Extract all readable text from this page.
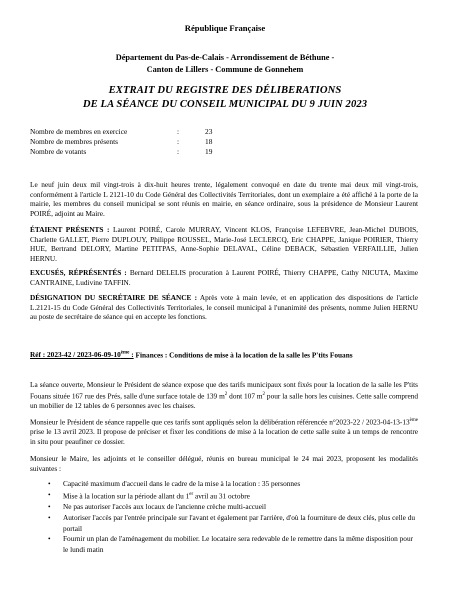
République Française
Département du Pas-de-Calais - Arrondissement de Béthune -
Canton de Lillers - Commune de Gonnehem
EXTRAIT DU REGISTRE DES DÉLIBERATIONS
DE LA SÉANCE DU CONSEIL MUNICIPAL DU 9 JUIN 2023
Nombre de membres en exercice	:	23
Nombre de membres présents	:	18
Nombre de votants	:	19
Le neuf juin deux mil vingt-trois à dix-huit heures trente, légalement convoqué en date du trente mai deux mil vingt-trois, conformément à l'article L 2121-10 du Code Général des Collectivités Territoriales, dont un exemplaire a été affiché à la porte de la mairie, les membres du conseil municipal se sont réunis en mairie, en séance ordinaire, sous la présidence de Monsieur Laurent POIRÉ, adjoint au Maire.
ÉTAIENT PRÉSENTS : Laurent POIRÉ, Carole MURRAY, Vincent KLOS, Françoise LEFEBVRE, Jean-Michel DUBOIS, Charlette GALLET, Pierre DUPLOUY, Philippe ROUSSEL, Marie-José LECLERCQ, Eric CHAPPE, Janique POIRIER, Thierry HUE, Bertrand DELORY, Martine PETITPAS, Anne-Sophie DELAVAL, Céline DEBACK, Sébastien VERFAILLIE, Julien HERNU.
EXCUSÉS, RÉPRÉSENTÉS : Bernard DELELIS procuration à Laurent POIRÉ, Thierry CHAPPE, Cathy NICUTA, Maxime CANTRAINE, Ludivine TAFFIN.
DÉSIGNATION DU SECRÉTAIRE DE SÉANCE : Après vote à main levée, et en application des dispositions de l'article L.2121-15 du Code Général des Collectivités Territoriales, le conseil municipal à l'unanimité des présents, nomme Julien HERNU au poste de secrétaire de séance qui en accepte les fonctions.
Réf : 2023-42 / 2023-06-09-10ème : Finances : Conditions de mise à la location de la salle les P'tits Fouans
La séance ouverte, Monsieur le Président de séance expose que des tarifs municipaux sont fixés pour la location de la salle les P'tits Fouans située 167 rue des Prés, salle d'une surface totale de 139 $m^2$ dont 107 $m^2$ pour la salle hors les cuisines. Cette salle comprend un mobilier de 12 tables de 6 personnes avec les chaises.
Monsieur le Président de séance rappelle que ces tarifs sont appliqués selon la délibération référencée n°2023-22 / 2023-04-13-13ème prise le 13 avril 2023. Il propose de préciser et fixer les conditions de mise à la location de cette salle suite à un temps de rencontre in situ pour peaufiner ce dossier.
Monsieur le Maire, les adjoints et le conseiller délégué, réunis en bureau municipal le 24 mai 2023, proposent les modalités suivantes :
• Capacité maximum d'accueil dans le cadre de la mise à la location : 35 personnes
• Mise à la location sur la période allant du 1er avril au 31 octobre
• Ne pas autoriser l'accès aux locaux de l'ancienne crèche multi-accueil
• Autoriser l'accès par l'entrée principale sur l'avant et également par l'arrière, d'où la fourniture de deux clés, plus celle du portail
• Fournir un plan de l'aménagement du mobilier. Le locataire sera redevable de le remettre dans la même disposition pour le lundi matin
